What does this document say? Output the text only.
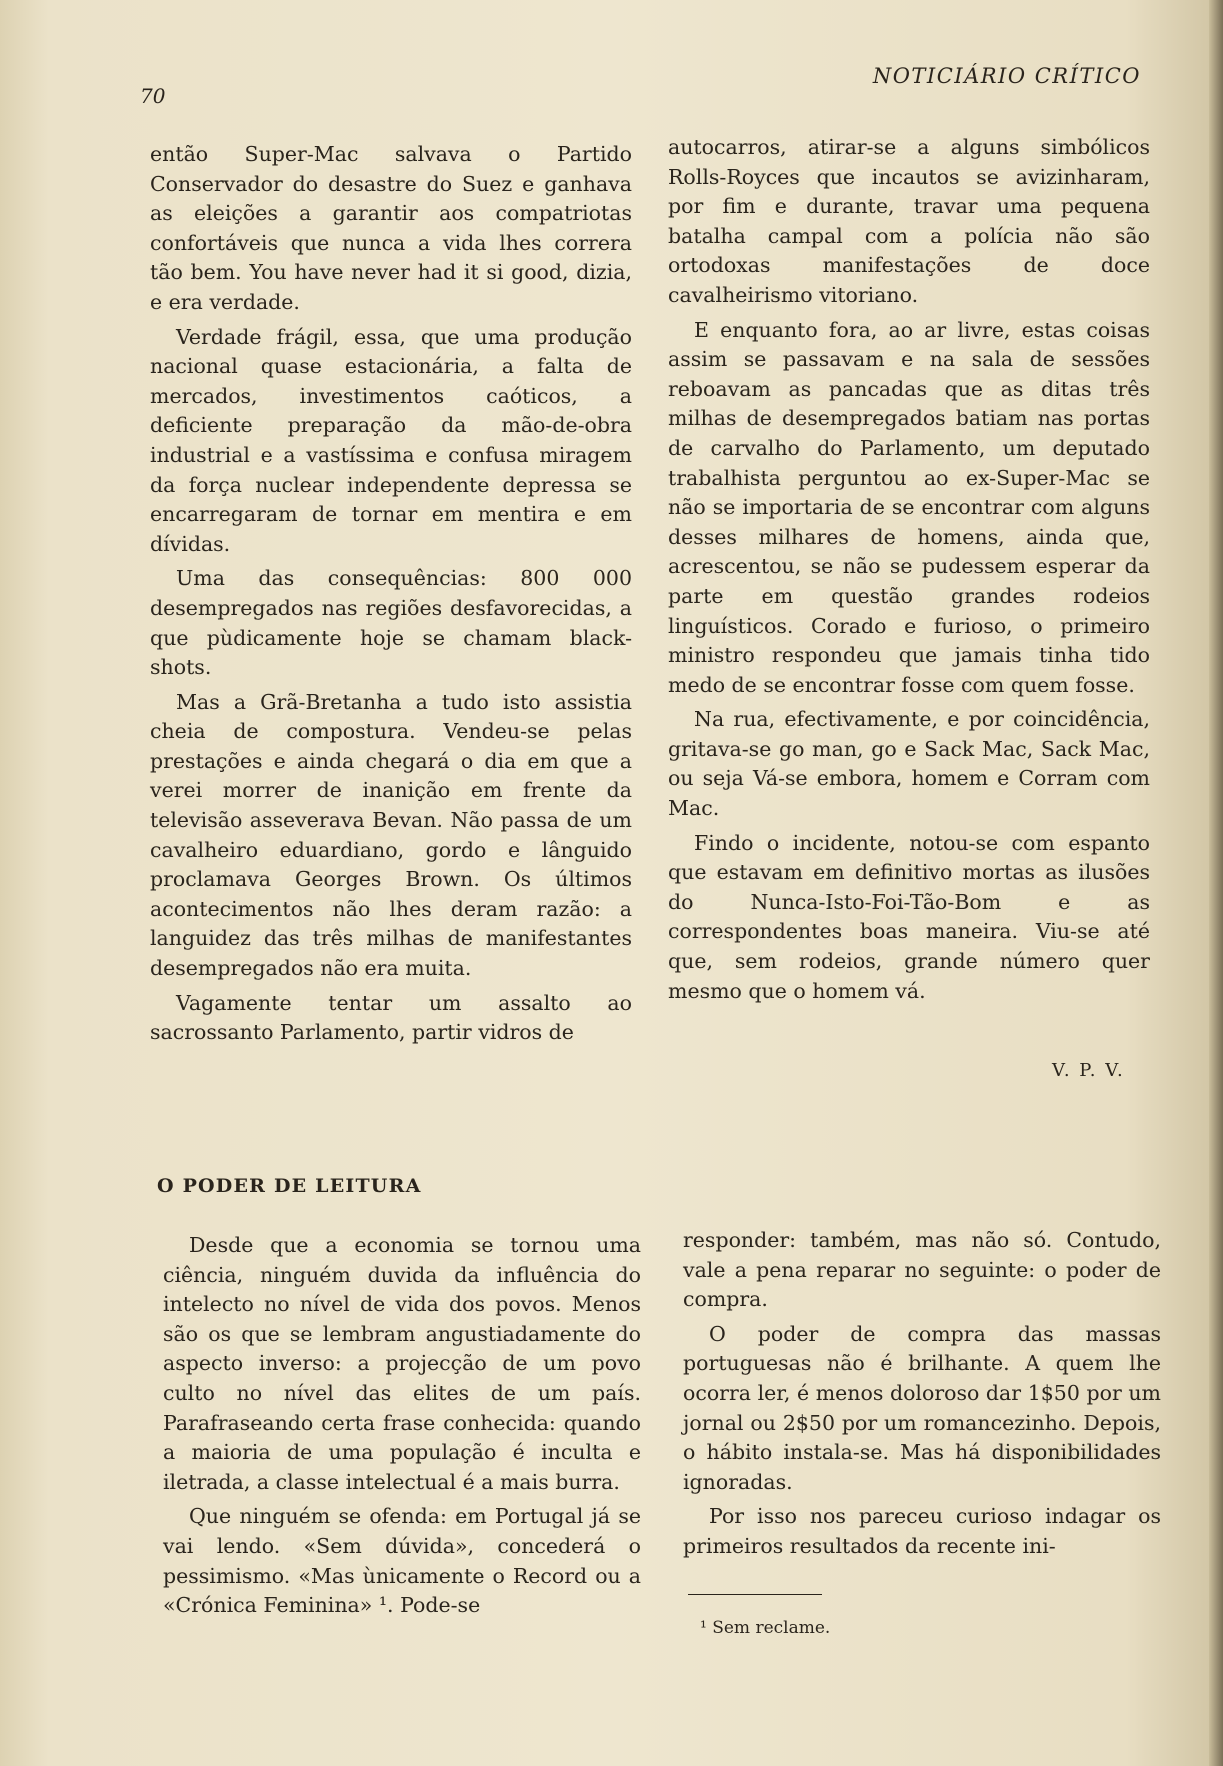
70
NOTICIÁRIO CRÍTICO

então Super-Mac salvava o Partido Conservador do desastre do Suez e ganhava as eleições a garantir aos compatriotas confortáveis que nunca a vida lhes correra tão bem. You have never had it si good, dizia, e era verdade.

Verdade frágil, essa, que uma produção nacional quase estacionária, a falta de mercados, investimentos caóticos, a deficiente preparação da mão-de-obra industrial e a vastíssima e confusa miragem da força nuclear independente depressa se encarregaram de tornar em mentira e em dívidas.

Uma das consequências: 800 000 desempregados nas regiões desfavorecidas, a que pùdicamente hoje se chamam black-shots.

Mas a Grã-Bretanha a tudo isto assistia cheia de compostura. Vendeu-se pelas prestações e ainda chegará o dia em que a verei morrer de inanição em frente da televisão asseverava Bevan. Não passa de um cavalheiro eduardiano, gordo e lânguido proclamava Georges Brown. Os últimos acontecimentos não lhes deram razão: a languidez das três milhas de manifestantes desempregados não era muita.

Vagamente tentar um assalto ao sacrossanto Parlamento, partir vidros de

autocarros, atirar-se a alguns simbólicos Rolls-Royces que incautos se avizinharam, por fim e durante, travar uma pequena batalha campal com a polícia não são ortodoxas manifestações de doce cavalheirismo vitoriano.

E enquanto fora, ao ar livre, estas coisas assim se passavam e na sala de sessões reboavam as pancadas que as ditas três milhas de desempregados batiam nas portas de carvalho do Parlamento, um deputado trabalhista perguntou ao ex-Super-Mac se não se importaria de se encontrar com alguns desses milhares de homens, ainda que, acrescentou, se não se pudessem esperar da parte em questão grandes rodeios linguísticos. Corado e furioso, o primeiro ministro respondeu que jamais tinha tido medo de se encontrar fosse com quem fosse.

Na rua, efectivamente, e por coincidência, gritava-se go man, go e Sack Mac, Sack Mac, ou seja Vá-se embora, homem e Corram com Mac.

Findo o incidente, notou-se com espanto que estavam em definitivo mortas as ilusões do Nunca-Isto-Foi-Tão-Bom e as correspondentes boas maneira. Viu-se até que, sem rodeios, grande número quer mesmo que o homem vá.

V. P. V.
O PODER DE LEITURA

Desde que a economia se tornou uma ciência, ninguém duvida da influência do intelecto no nível de vida dos povos. Menos são os que se lembram angustiadamente do aspecto inverso: a projecção de um povo culto no nível das elites de um país. Parafraseando certa frase conhecida: quando a maioria de uma população é inculta e iletrada, a classe intelectual é a mais burra.

Que ninguém se ofenda: em Portugal já se vai lendo. «Sem dúvida», concederá o pessimismo. «Mas ùnicamente o Record ou a «Crónica Feminina» ¹. Pode-se

responder: também, mas não só. Contudo, vale a pena reparar no seguinte: o poder de compra.

O poder de compra das massas portuguesas não é brilhante. A quem lhe ocorra ler, é menos doloroso dar 1$50 por um jornal ou 2$50 por um romancezinho. Depois, o hábito instala-se. Mas há disponibilidades ignoradas.

Por isso nos pareceu curioso indagar os primeiros resultados da recente ini-

¹ Sem reclame.
